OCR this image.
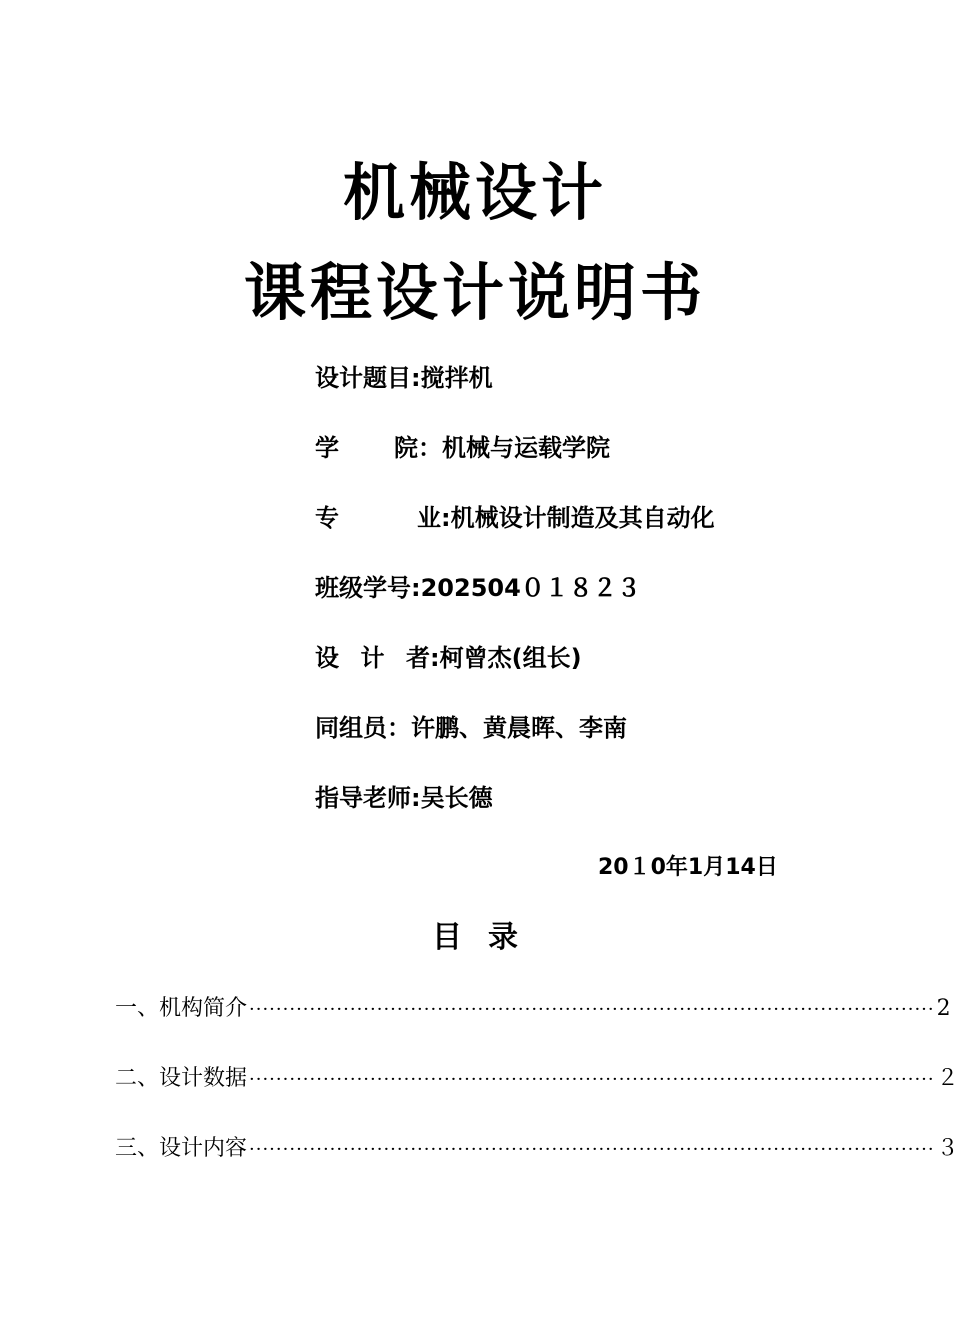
机械设计
课程设计说明书
设计题目:搅拌机
学 院 ：机械与运载学院
专	业 :机械设计制造及其自动化
班级学号:202504０１８２３
设 计 者 :柯曾杰(组长)
同组员：许鹏、黄晨晖、李南
指导老师:吴长德
20１0年1月14日
目录
一、机构简介 ······································································································ 2
二、设计数据 ······································································································ ２
三、设计内容 ······································································································ ３
